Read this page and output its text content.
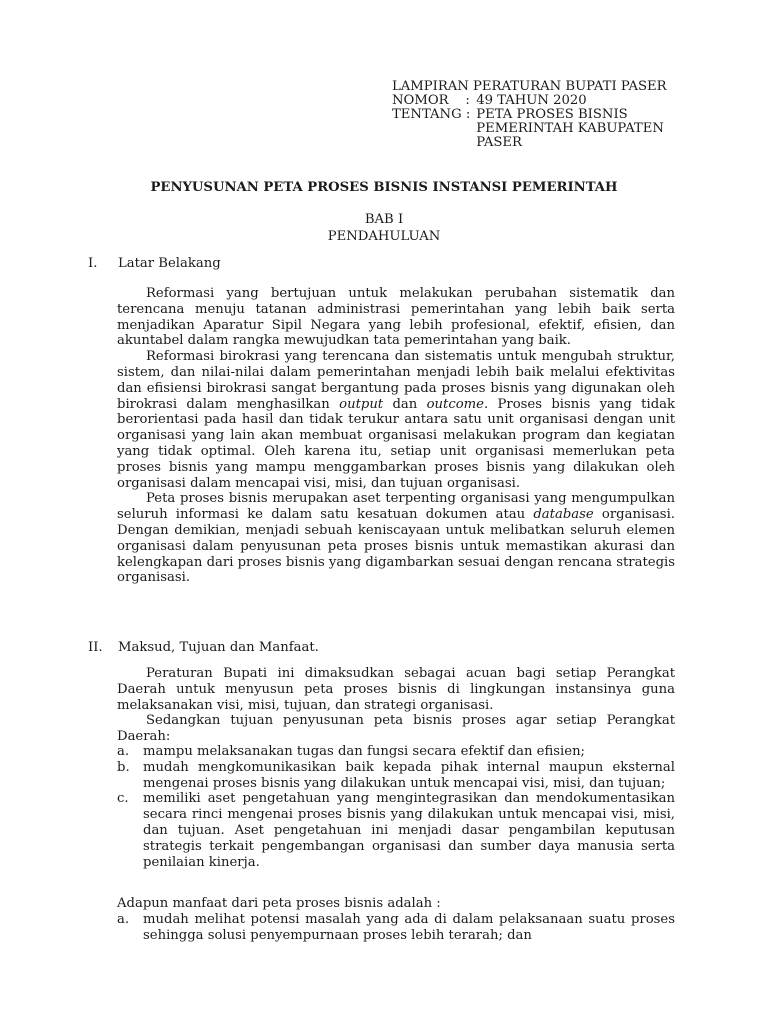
LAMPIRAN PERATURAN BUPATI PASER
NOMOR    : 49 TAHUN 2020
TENTANG : PETA PROSES BISNIS
PEMERINTAH KABUPATEN
PASER
PENYUSUNAN PETA PROSES BISNIS INSTANSI PEMERINTAH
BAB I
PENDAHULUAN
I. Latar Belakang

Reformasi yang bertujuan untuk melakukan perubahan sistematik dan terencana menuju tatanan administrasi pemerintahan yang lebih baik serta menjadikan Aparatur Sipil Negara yang lebih profesional, efektif, efisien, dan akuntabel dalam rangka mewujudkan tata pemerintahan yang baik.

Reformasi birokrasi yang terencana dan sistematis untuk mengubah struktur, sistem, dan nilai-nilai dalam pemerintahan menjadi lebih baik melalui efektivitas dan efisiensi birokrasi sangat bergantung pada proses bisnis yang digunakan oleh birokrasi dalam menghasilkan output dan outcome. Proses bisnis yang tidak berorientasi pada hasil dan tidak terukur antara satu unit organisasi dengan unit organisasi yang lain akan membuat organisasi melakukan program dan kegiatan yang tidak optimal. Oleh karena itu, setiap unit organisasi memerlukan peta proses bisnis yang mampu menggambarkan proses bisnis yang dilakukan oleh organisasi dalam mencapai visi, misi, dan tujuan organisasi.

Peta proses bisnis merupakan aset terpenting organisasi yang mengumpulkan seluruh informasi ke dalam satu kesatuan dokumen atau database organisasi. Dengan demikian, menjadi sebuah keniscayaan untuk melibatkan seluruh elemen organisasi dalam penyusunan peta proses bisnis untuk memastikan akurasi dan kelengkapan dari proses bisnis yang digambarkan sesuai dengan rencana strategis organisasi.

II. Maksud, Tujuan dan Manfaat.

Peraturan Bupati ini dimaksudkan sebagai acuan bagi setiap Perangkat Daerah untuk menyusun peta proses bisnis di lingkungan instansinya guna melaksanakan visi, misi, tujuan, dan strategi organisasi.

Sedangkan tujuan penyusunan peta bisnis proses agar setiap Perangkat Daerah:

a.	mampu melaksanakan tugas dan fungsi secara efektif dan efisien;
b.	mudah mengkomunikasikan baik kepada pihak internal maupun eksternal mengenai proses bisnis yang dilakukan untuk mencapai visi, misi, dan tujuan;
c.	memiliki aset pengetahuan yang mengintegrasikan dan mendokumentasikan secara rinci mengenai proses bisnis yang dilakukan untuk mencapai visi, misi, dan tujuan. Aset pengetahuan ini menjadi dasar pengambilan keputusan strategis terkait pengembangan organisasi dan sumber daya manusia serta penilaian kinerja.
Adapun manfaat dari peta proses bisnis adalah :
a.	mudah melihat potensi masalah yang ada di dalam pelaksanaan suatu proses sehingga solusi penyempurnaan proses lebih terarah; dan
